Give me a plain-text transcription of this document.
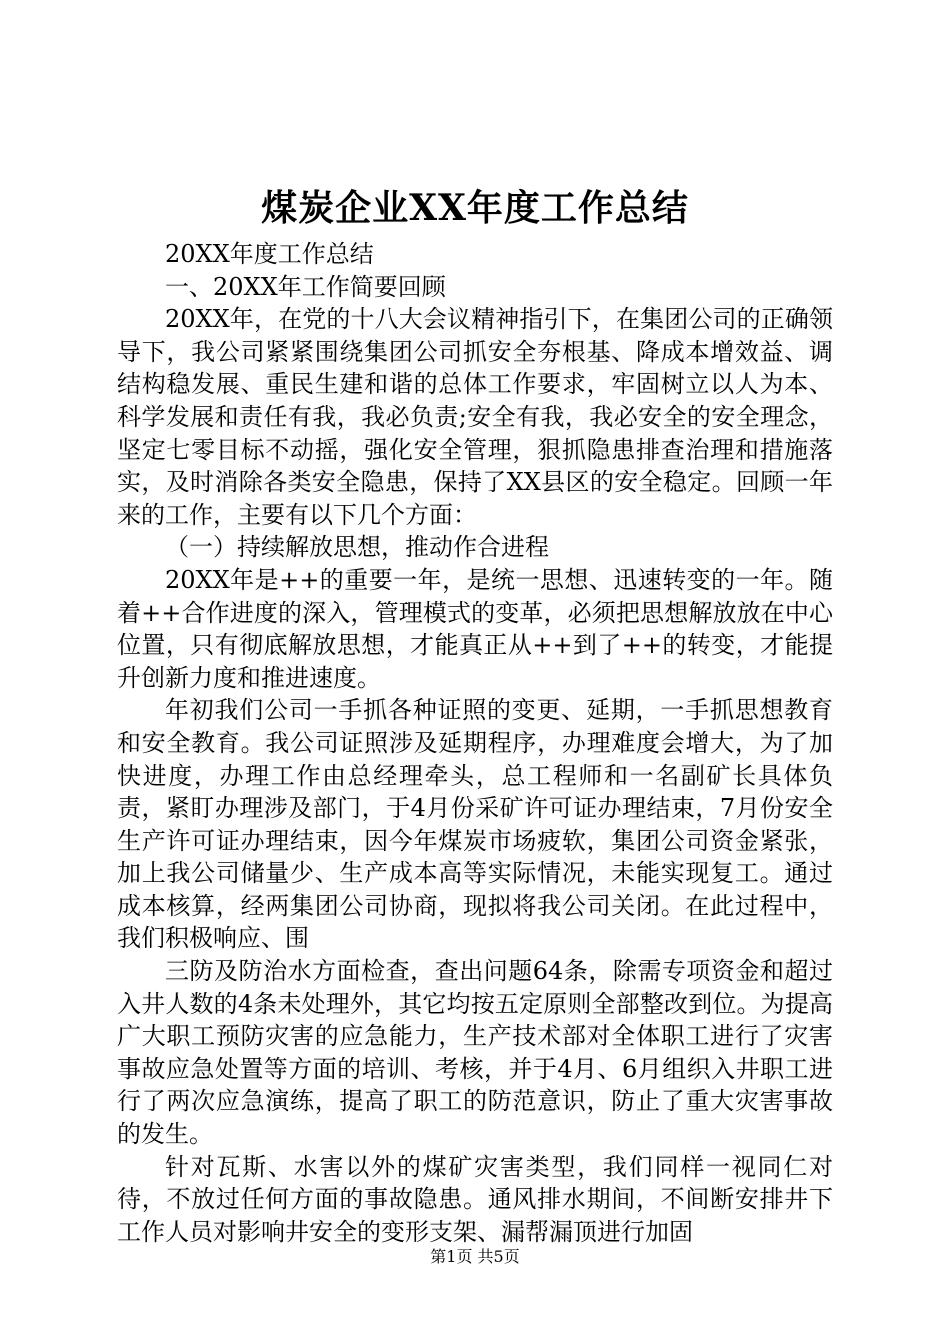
煤炭企业XX年度工作总结

20XX年度工作总结

一、20XX年工作简要回顾

20XX年，在党的十八大会议精神指引下，在集团公司的正确领导下，我公司紧紧围绕集团公司抓安全夯根基、降成本增效益、调结构稳发展、重民生建和谐的总体工作要求，牢固树立以人为本、科学发展和责任有我，我必负责;安全有我，我必安全的安全理念，坚定七零目标不动摇，强化安全管理，狠抓隐患排查治理和措施落实，及时消除各类安全隐患，保持了XX县区的安全稳定。回顾一年来的工作，主要有以下几个方面：

（一）持续解放思想，推动作合进程

20XX年是++的重要一年，是统一思想、迅速转变的一年。随着++合作进度的深入，管理模式的变革，必须把思想解放放在中心位置，只有彻底解放思想，才能真正从++到了++的转变，才能提升创新力度和推进速度。

年初我们公司一手抓各种证照的变更、延期，一手抓思想教育和安全教育。我公司证照涉及延期程序，办理难度会增大，为了加快进度，办理工作由总经理牵头，总工程师和一名副矿长具体负责，紧盯办理涉及部门，于4月份采矿许可证办理结束，7月份安全生产许可证办理结束，因今年煤炭市场疲软，集团公司资金紧张，加上我公司储量少、生产成本高等实际情况，未能实现复工。通过成本核算，经两集团公司协商，现拟将我公司关闭。在此过程中，我们积极响应、围

三防及防治水方面检查，查出问题64条，除需专项资金和超过入井人数的4条未处理外，其它均按五定原则全部整改到位。为提高广大职工预防灾害的应急能力，生产技术部对全体职工进行了灾害事故应急处置等方面的培训、考核，并于4月、6月组织入井职工进行了两次应急演练，提高了职工的防范意识，防止了重大灾害事故的发生。

针对瓦斯、水害以外的煤矿灾害类型，我们同样一视同仁对待，不放过任何方面的事故隐患。通风排水期间，不间断安排井下工作人员对影响井安全的变形支架、漏帮漏顶进行加固

第1页 共5页
